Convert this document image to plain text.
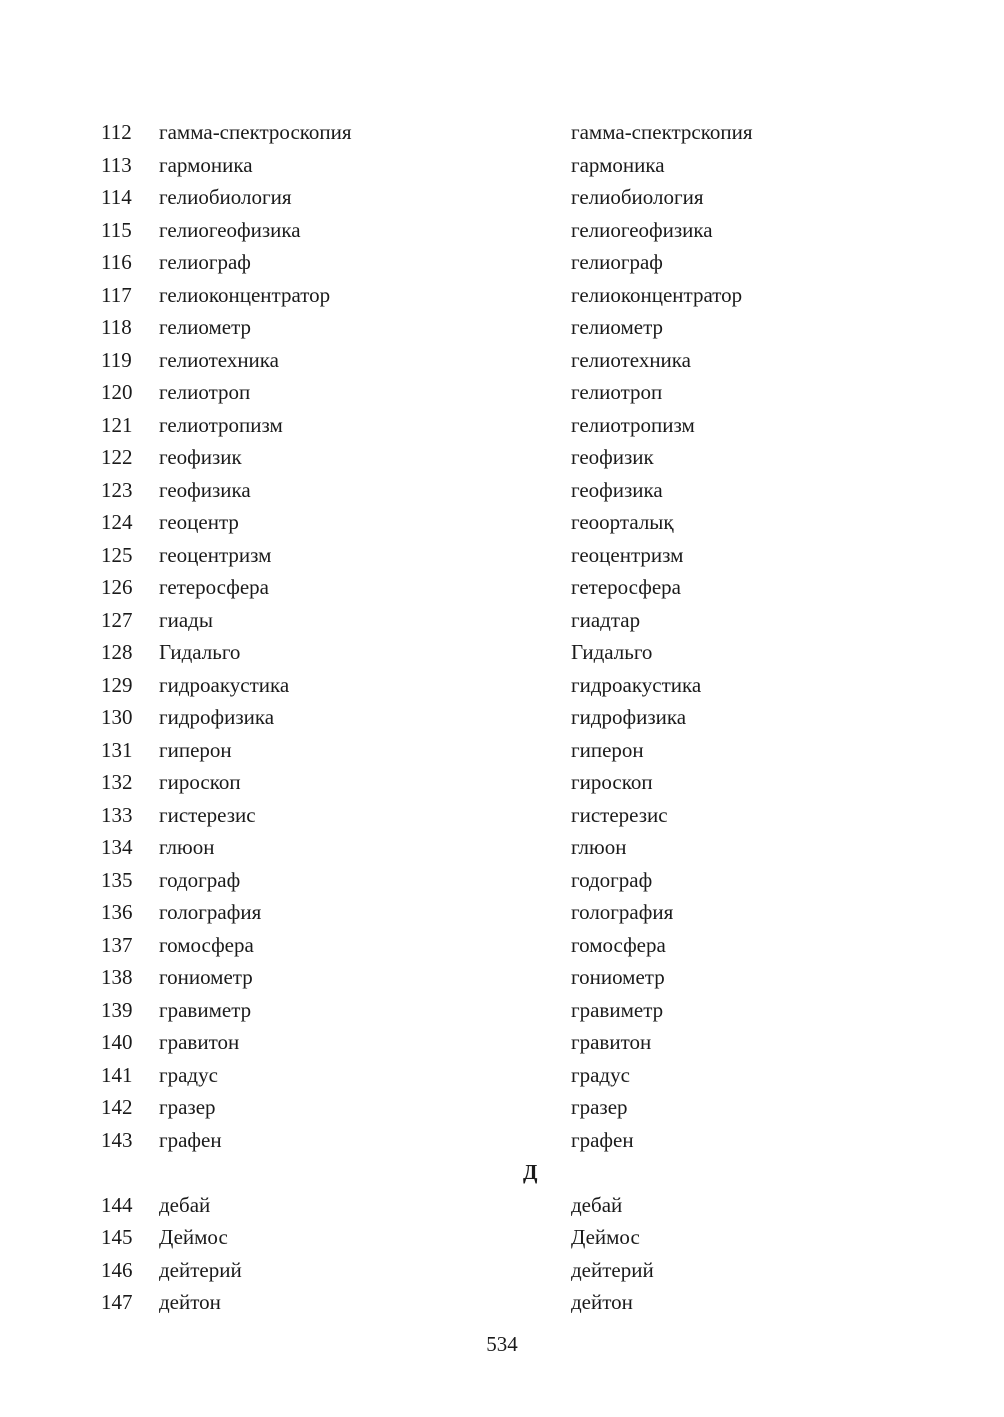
112 гамма-спектроскопия	гамма-спектрскопия
113 гармоника	гармоника
114 гелиобиология	гелиобиология
115 гелиогеофизика	гелиогеофизика
116 гелиограф	гелиограф
117 гелиоконцентратор	гелиоконцентратор
118 гелиометр	гелиометр
119 гелиотехника	гелиотехника
120 гелиотроп	гелиотроп
121 гелиотропизм	гелиотропизм
122 геофизик	геофизик
123 геофизика	геофизика
124 геоцентр	геоорталық
125 геоцентризм	геоцентризм
126 гетеросфера	гетеросфера
127 гиады	гиадтар
128 Гидальго	Гидальго
129 гидроакустика	гидроакустика
130 гидрофизика	гидрофизика
131 гиперон	гиперон
132 гироскоп	гироскоп
133 гистерезис	гистерезис
134 глюон	глюон
135 годограф	годограф
136 голография	голография
137 гомосфера	гомосфера
138 гониометр	гониометр
139 гравиметр	гравиметр
140 гравитон	гравитон
141 градус	градус
142 гразер	гразер
143 графен	графен
Д
144 дебай	дебай
145 Деймос	Деймос
146 дейтерий	дейтерий
147 дейтон	дейтон
534
